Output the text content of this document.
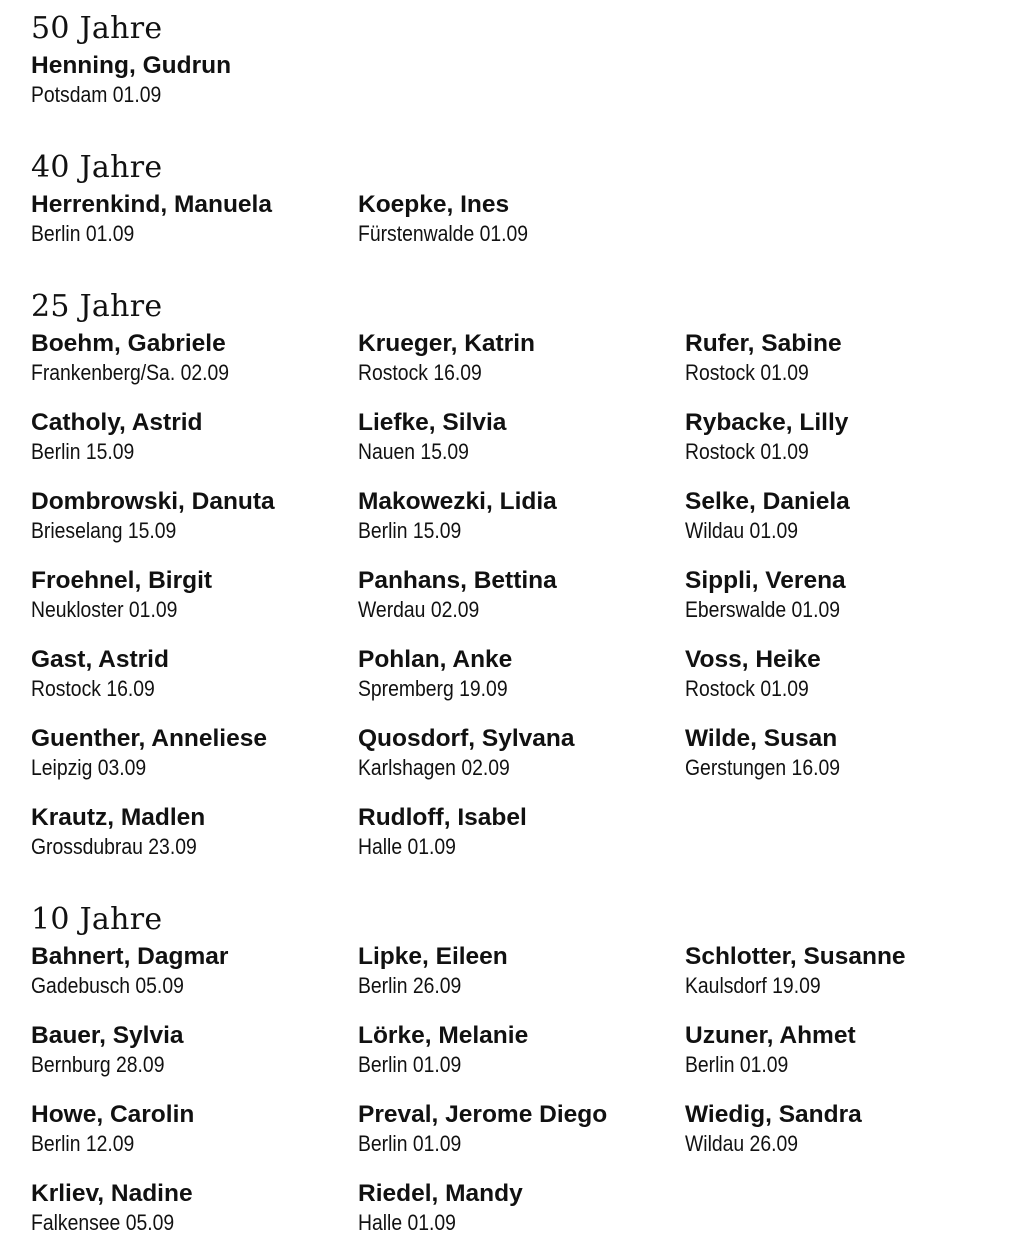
50 Jahre
Henning, Gudrun
Potsdam 01.09
40 Jahre
Herrenkind, Manuela
Berlin 01.09
Koepke, Ines
Fürstenwalde 01.09
25 Jahre
Boehm, Gabriele
Frankenberg/Sa. 02.09
Krueger, Katrin
Rostock 16.09
Rufer, Sabine
Rostock 01.09
Catholy, Astrid
Berlin 15.09
Liefke, Silvia
Nauen 15.09
Rybacke, Lilly
Rostock 01.09
Dombrowski, Danuta
Brieselang 15.09
Makowezki, Lidia
Berlin 15.09
Selke, Daniela
Wildau 01.09
Froehnel, Birgit
Neukloster 01.09
Panhans, Bettina
Werdau 02.09
Sippli, Verena
Eberswalde 01.09
Gast, Astrid
Rostock 16.09
Pohlan, Anke
Spremberg 19.09
Voss, Heike
Rostock 01.09
Guenther, Anneliese
Leipzig 03.09
Quosdorf, Sylvana
Karlshagen 02.09
Wilde, Susan
Gerstungen 16.09
Krautz, Madlen
Grossdubrau 23.09
Rudloff, Isabel
Halle 01.09
10 Jahre
Bahnert, Dagmar
Gadebusch 05.09
Lipke, Eileen
Berlin 26.09
Schlotter, Susanne
Kaulsdorf 19.09
Bauer, Sylvia
Bernburg 28.09
Lörke, Melanie
Berlin 01.09
Uzuner, Ahmet
Berlin 01.09
Howe, Carolin
Berlin 12.09
Preval, Jerome Diego
Berlin 01.09
Wiedig, Sandra
Wildau 26.09
Krliev, Nadine
Falkensee 05.09
Riedel, Mandy
Halle 01.09
